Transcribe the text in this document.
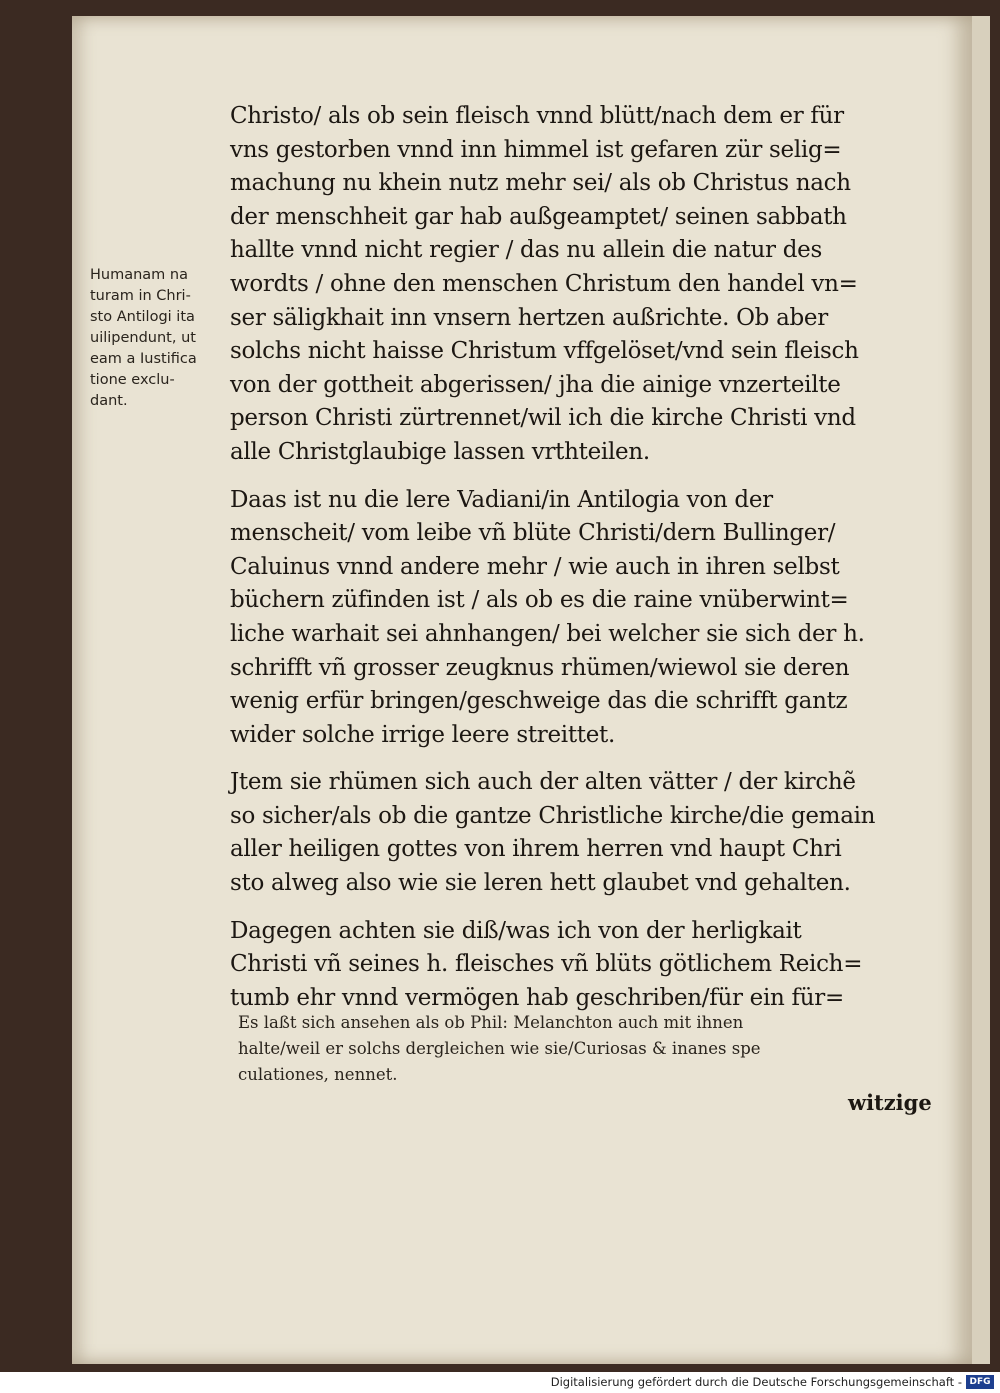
Humanam na
turam in Chri-
sto Antilogi ita
uilipendunt, ut
eam a Iustifica
tione exclu-
dant.
Christo/ als ob sein fleisch vnnd blütt/nach dem er für
vns gestorben vnnd inn himmel ist gefaren zür selig=
machung nu khein nutz mehr sei/ als ob Christus nach
der menschheit gar hab außgeamptet/ seinen sabbath
hallte vnnd nicht regier / das nu allein die natur des
wordts / ohne den menschen Christum den handel vn=
ser säligkhait inn vnsern hertzen außrichte. Ob aber
solchs nicht haisse Christum vffgelöset/vnd sein fleisch
von der gottheit abgerissen/ jha die ainige vnzerteilte
person Christi zürtrennet/wil ich die kirche Christi vnd
alle Christglaubige lassen vrthteilen.
Daas ist nu die lere Vadiani/in Antilogia von der
menscheit/ vom leibe vñ blüte Christi/dern Bullinger/
Caluinus vnnd andere mehr / wie auch in ihren selbst
büchern züfinden ist / als ob es die raine vnüberwint=
liche warhait sei ahnhangen/ bei welcher sie sich der h.
schrifft vñ grosser zeugknus rhümen/wiewol sie deren
wenig erfür bringen/geschweige das die schrifft gantz
wider solche irrige leere streittet.
Jtem sie rhümen sich auch der alten vätter / der kirchẽ
so sicher/als ob die gantze Christliche kirche/die gemain
aller heiligen gottes von ihrem herren vnd haupt Chri
sto alweg also wie sie leren hett glaubet vnd gehalten.
Dagegen achten sie diß/was ich von der herligkait
Christi vñ seines h. fleisches vñ blüts götlichem Reich=
tumb ehr vnnd vermögen hab geschriben/für ein für=
Es laßt sich ansehen als ob Phil: Melanchton auch mit ihnen
halte/weil er solchs dergleichen wie sie/Curiosas & inanes spe
culationes, nennet.
witzige
Digitalisierung gefördert durch die Deutsche Forschungsgemeinschaft - DFG
